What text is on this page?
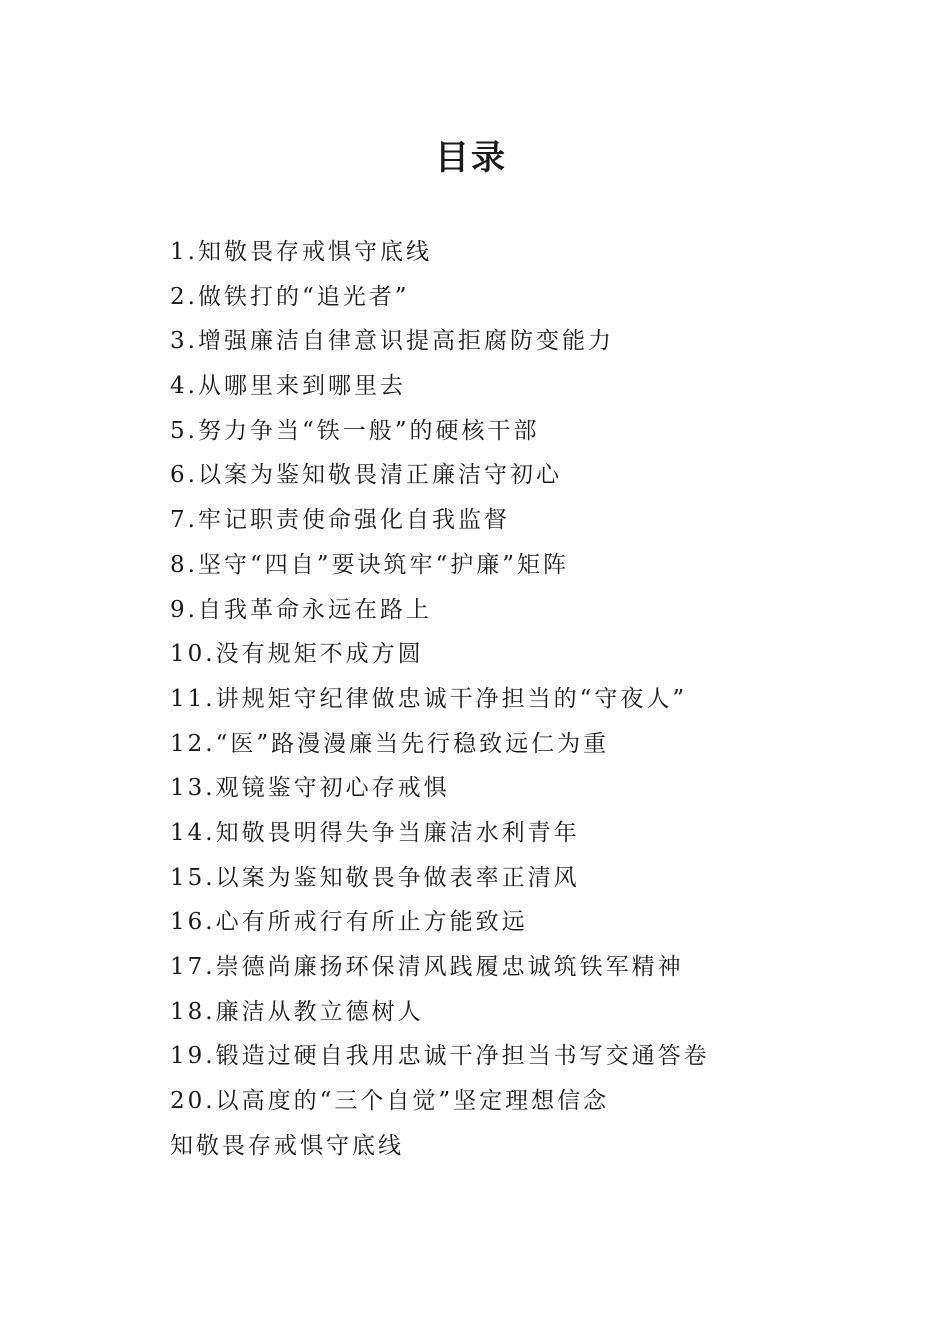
目录
1.知敬畏存戒惧守底线
2.做铁打的“追光者”
3.增强廉洁自律意识提高拒腐防变能力
4.从哪里来到哪里去
5.努力争当“铁一般”的硬核干部
6.以案为鉴知敬畏清正廉洁守初心
7.牢记职责使命强化自我监督
8.坚守“四自”要诀筑牢“护廉”矩阵
9.自我革命永远在路上
10.没有规矩不成方圆
11.讲规矩守纪律做忠诚干净担当的“守夜人”
12.“医”路漫漫廉当先行稳致远仁为重
13.观镜鉴守初心存戒惧
14.知敬畏明得失争当廉洁水利青年
15.以案为鉴知敬畏争做表率正清风
16.心有所戒行有所止方能致远
17.崇德尚廉扬环保清风践履忠诚筑铁军精神
18.廉洁从教立德树人
19.锻造过硬自我用忠诚干净担当书写交通答卷
20.以高度的“三个自觉”坚定理想信念

知敬畏存戒惧守底线
